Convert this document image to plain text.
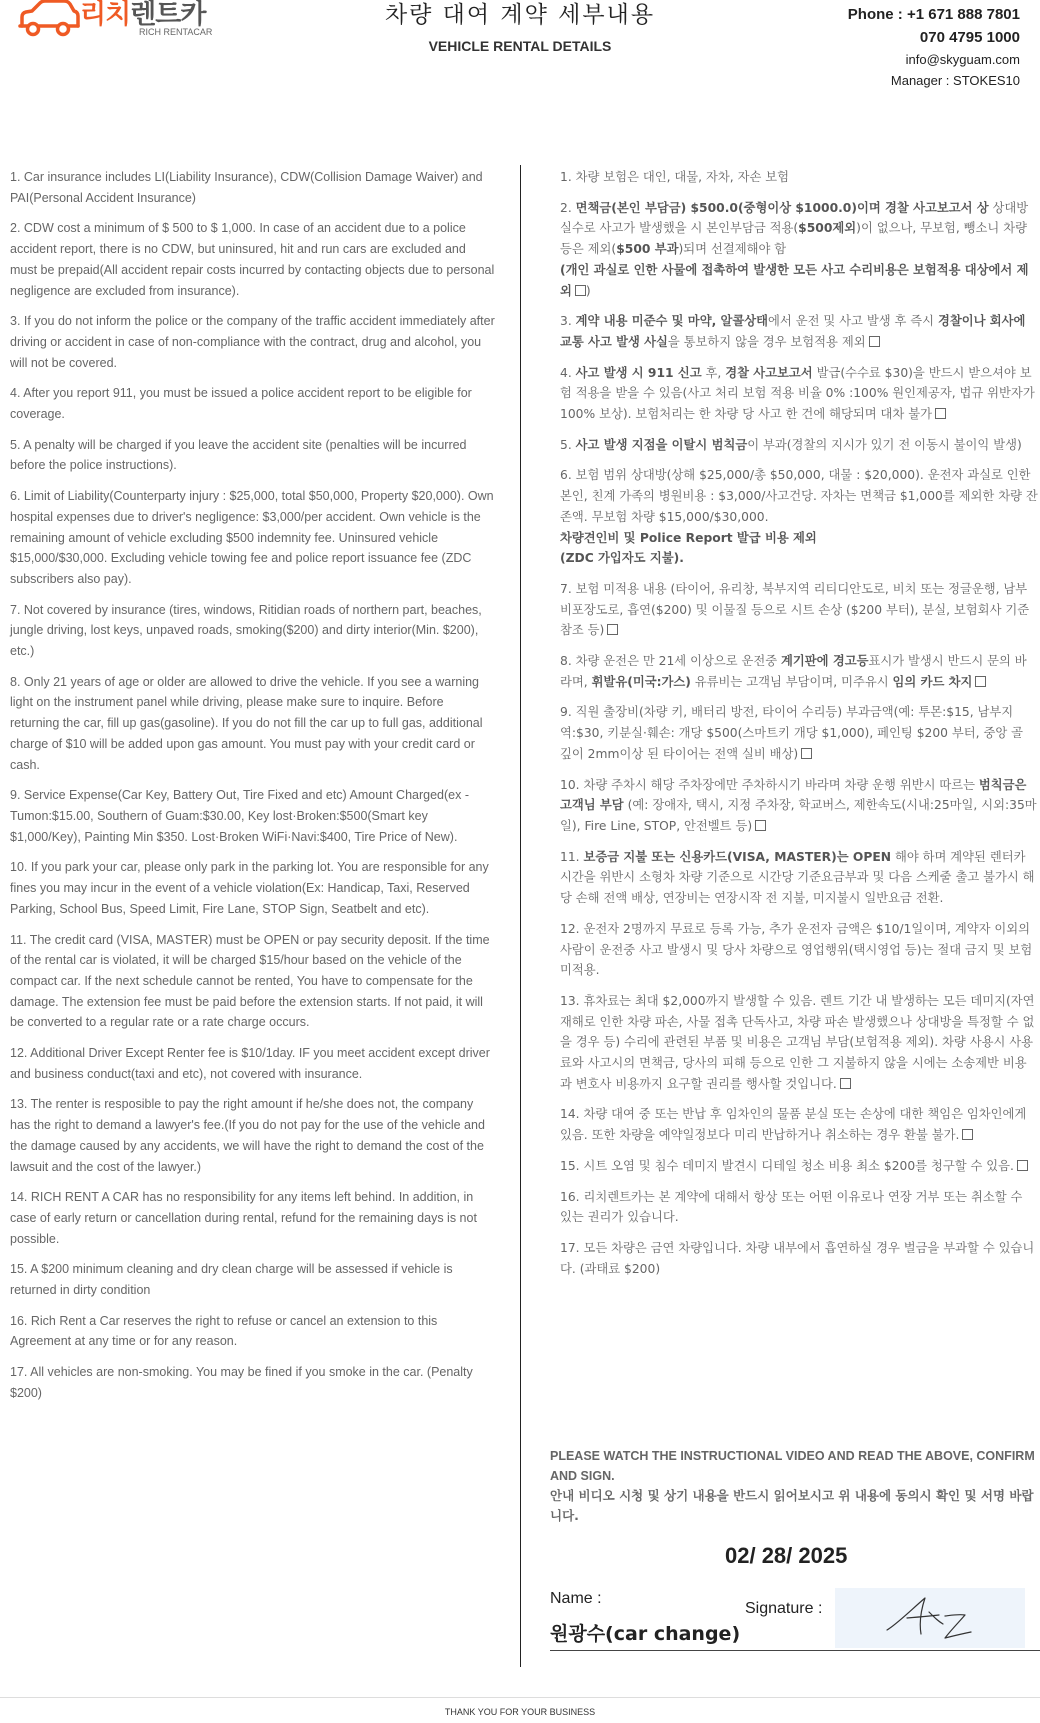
리치렌트카
RICH RENTACAR
차량 대여 계약 세부내용
VEHICLE RENTAL DETAILS
Phone : +1 671 888 7801
070 4795 1000
info@skyguam.com
Manager : STOKES10

1. Car insurance includes LI(Liability Insurance), CDW(Collision Damage Waiver) and PAI(Personal Accident Insurance)

2. CDW cost a minimum of $ 500 to $ 1,000. In case of an accident due to a police accident report, there is no CDW, but uninsured, hit and run cars are excluded and must be prepaid(All accident repair costs incurred by contacting objects due to personal negligence are excluded from insurance).

3. If you do not inform the police or the company of the traffic accident immediately after driving or accident in case of non-compliance with the contract, drug and alcohol, you will not be covered.

4. After you report 911, you must be issued a police accident report to be eligible for coverage.

5. A penalty will be charged if you leave the accident site (penalties will be incurred before the police instructions).

6. Limit of Liability(Counterparty injury : $25,000, total $50,000, Property $20,000). Own hospital expenses due to driver's negligence: $3,000/per accident. Own vehicle is the remaining amount of vehicle excluding $500 indemnity fee. Uninsured vehicle $15,000/$30,000. Excluding vehicle towing fee and police report issuance fee (ZDC subscribers also pay).

7. Not covered by insurance (tires, windows, Ritidian roads of northern part, beaches, jungle driving, lost keys, unpaved roads, smoking($200) and dirty interior(Min. $200), etc.)

8. Only 21 years of age or older are allowed to drive the vehicle. If you see a warning light on the instrument panel while driving, please make sure to inquire. Before returning the car, fill up gas(gasoline). If you do not fill the car up to full gas, additional charge of $10 will be added upon gas amount. You must pay with your credit card or cash.

9. Service Expense(Car Key, Battery Out, Tire Fixed and etc) Amount Charged(ex -Tumon:$15.00, Southern of Guam:$30.00, Key lost·Broken:$500(Smart key $1,000/Key), Painting Min $350. Lost·Broken WiFi·Navi:$400, Tire Price of New).

10. If you park your car, please only park in the parking lot. You are responsible for any fines you may incur in the event of a vehicle violation(Ex: Handicap, Taxi, Reserved Parking, School Bus, Speed Limit, Fire Lane, STOP Sign, Seatbelt and etc).

11. The credit card (VISA, MASTER) must be OPEN or pay security deposit. If the time of the rental car is violated, it will be charged $15/hour based on the vehicle of the compact car. If the next schedule cannot be rented, You have to compensate for the damage. The extension fee must be paid before the extension starts. If not paid, it will be converted to a regular rate or a rate charge occurs.

12. Additional Driver Except Renter fee is $10/1day. IF you meet accident except driver and business conduct(taxi and etc), not covered with insurance.

13. The renter is resposible to pay the right amount if he/she does not, the company has the right to demand a lawyer's fee.(If you do not pay for the use of the vehicle and the damage caused by any accidents, we will have the right to demand the cost of the lawsuit and the cost of the lawyer.)

14. RICH RENT A CAR has no responsibility for any items left behind. In addition, in case of early return or cancellation during rental, refund for the remaining days is not possible.

15. A $200 minimum cleaning and dry clean charge will be assessed if vehicle is returned in dirty condition

16. Rich Rent a Car reserves the right to refuse or cancel an extension to this Agreement at any time or for any reason.

17. All vehicles are non-smoking. You may be fined if you smoke in the car. (Penalty $200)

1. 차량 보험은 대인, 대물, 자차, 자손 보험

2. 면책금(본인 부담금) $500.0(중형이상 $1000.0)이며 경찰 사고보고서 상 상대방 실수로 사고가 발생했을 시 본인부담금 적용($500제외)이 없으나, 무보험, 뺑소니 차량 등은 제외($500 부과)되며 선결제해야 함
(개인 과실로 인한 사물에 접촉하여 발생한 모든 사고 수리비용은 보험적용 대상에서 제외 )

3. 계약 내용 미준수 및 마약, 알콜상태에서 운전 및 사고 발생 후 즉시 경찰이나 회사에 교통 사고 발생 사실을 통보하지 않을 경우 보험적용 제외

4. 사고 발생 시 911 신고 후, 경찰 사고보고서 발급(수수료 $30)을 반드시 받으셔야 보험 적용을 받을 수 있음(사고 처리 보험 적용 비율 0% :100% 원인제공자, 법규 위반자가 100% 보상). 보험처리는 한 차량 당 사고 한 건에 해당되며 대차 불가

5. 사고 발생 지점을 이탈시 범칙금이 부과(경찰의 지시가 있기 전 이동시 불이익 발생)

6. 보험 범위 상대방(상해 $25,000/총 $50,000, 대물 : $20,000). 운전자 과실로 인한 본인, 친계 가족의 병원비용 : $3,000/사고건당. 자차는 면책금 $1,000를 제외한 차량 잔존액. 무보험 차량 $15,000/$30,000.
차량견인비 및 Police Report 발급 비용 제외
(ZDC 가입자도 지불).

7. 보험 미적용 내용 (타이어, 유리창, 북부지역 리티디안도로, 비치 또는 정글운행, 남부 비포장도로, 흡연($200) 및 이물질 등으로 시트 손상 ($200 부터), 분실, 보험회사 기준 참조 등)

8. 차량 운전은 만 21세 이상으로 운전중 계기판에 경고등표시가 발생시 반드시 문의 바라며, 휘발유(미국:가스) 유류비는 고객님 부담이며, 미주유시 임의 카드 차지

9. 직원 출장비(차량 키, 배터리 방전, 타이어 수리등) 부과금액(예: 투몬:$15, 남부지역:$30, 키분실·훼손: 개당 $500(스마트키 개당 $1,000), 페인팅 $200 부터, 중앙 골 깊이 2mm이상 된 타이어는 전액 실비 배상)

10. 차량 주차시 해당 주차장에만 주차하시기 바라며 차량 운행 위반시 따르는 범칙금은 고객님 부담 (예: 장애자, 택시, 지정 주차장, 학교버스, 제한속도(시내:25마일, 시외:35마일), Fire Line, STOP, 안전벨트 등)

11. 보증금 지불 또는 신용카드(VISA, MASTER)는 OPEN 해야 하며 계약된 렌터카 시간을 위반시 소형차 차량 기준으로 시간당 기준요금부과 및 다음 스케줄 출고 불가시 해당 손해 전액 배상, 연장비는 연장시작 전 지불, 미지불시 일반요금 전환.

12. 운전자 2명까지 무료로 등록 가능, 추가 운전자 금액은 $10/1일이며, 계약자 이외의 사람이 운전중 사고 발생시 및 당사 차량으로 영업행위(택시영업 등)는 절대 금지 및 보험 미적용.

13. 휴차료는 최대 $2,000까지 발생할 수 있음. 렌트 기간 내 발생하는 모든 데미지(자연재해로 인한 차량 파손, 사물 접촉 단독사고, 차량 파손 발생했으나 상대방을 특정할 수 없을 경우 등) 수리에 관련된 부품 및 비용은 고객님 부담(보험적용 제외). 차량 사용시 사용료와 사고시의 면책금, 당사의 피해 등으로 인한 그 지불하지 않을 시에는 소송제반 비용과 변호사 비용까지 요구할 권리를 행사할 것입니다.

14. 차량 대여 중 또는 반납 후 임차인의 물품 분실 또는 손상에 대한 책임은 임차인에게 있음. 또한 차량을 예약일정보다 미리 반납하거나 취소하는 경우 환불 불가.

15. 시트 오염 및 침수 데미지 발견시 디테일 청소 비용 최소 $200를 청구할 수 있음.

16. 리치렌트카는 본 계약에 대해서 항상 또는 어떤 이유로나 연장 거부 또는 취소할 수 있는 권리가 있습니다.

17. 모든 차량은 금연 차량입니다. 차량 내부에서 흡연하실 경우 벌금을 부과할 수 있습니다. (과태료 $200)

PLEASE WATCH THE INSTRUCTIONAL VIDEO AND READ THE ABOVE, CONFIRM AND SIGN.
안내 비디오 시청 및 상기 내용을 반드시 읽어보시고 위 내용에 동의시 확인 및 서명 바랍니다.
02/ 28/ 2025
Name :
원광수(car change)
Signature :
THANK YOU FOR YOUR BUSINESS
